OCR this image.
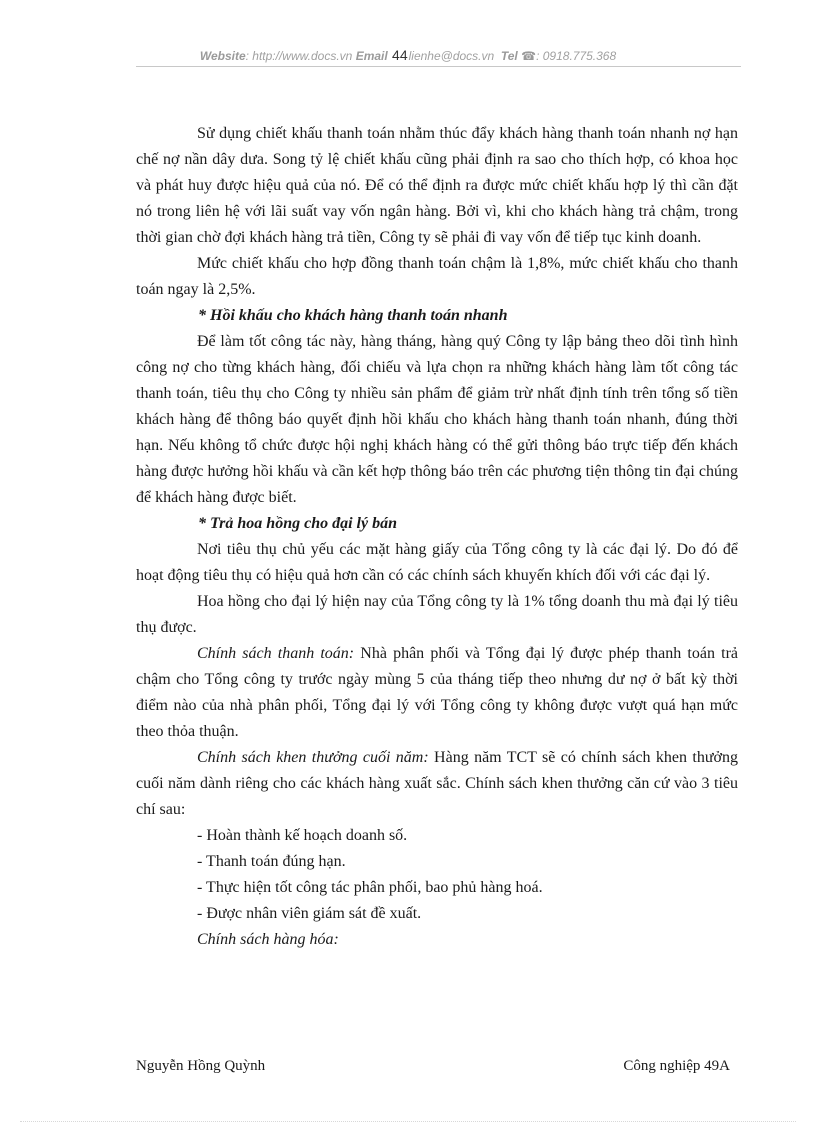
Website: http://www.docs.vn Email 44lienhe@docs.vn Tel ☎: 0918.775.368

Sử dụng chiết khấu thanh toán nhằm thúc đẩy khách hàng thanh toán nhanh nợ hạn chế nợ nần dây dưa. Song tỷ lệ chiết khấu cũng phải định ra sao cho thích hợp, có khoa học và phát huy được hiệu quả của nó. Để có thể định ra được mức chiết khấu hợp lý thì cần đặt nó trong liên hệ với lãi suất vay vốn ngân hàng. Bởi vì, khi cho khách hàng trả chậm, trong thời gian chờ đợi khách hàng trả tiền, Công ty sẽ phải đi vay vốn để tiếp tục kinh doanh.

Mức chiết khấu cho hợp đồng thanh toán chậm là 1,8%, mức chiết khấu cho thanh toán ngay là 2,5%.

* Hồi khấu cho khách hàng thanh toán nhanh

Để làm tốt công tác này, hàng tháng, hàng quý Công ty lập bảng theo dõi tình hình công nợ cho từng khách hàng, đối chiếu và lựa chọn ra những khách hàng làm tốt công tác thanh toán, tiêu thụ cho Công ty nhiều sản phẩm để giảm trừ nhất định tính trên tổng số tiền khách hàng để thông báo quyết định hồi khấu cho khách hàng thanh toán nhanh, đúng thời hạn. Nếu không tổ chức được hội nghị khách hàng có thể gửi thông báo trực tiếp đến khách hàng được hưởng hồi khấu và cần kết hợp thông báo trên các phương tiện thông tin đại chúng để khách hàng được biết.

* Trả hoa hồng cho đại lý bán

Nơi tiêu thụ chủ yếu các mặt hàng giấy của Tổng công ty là các đại lý. Do đó để hoạt động tiêu thụ có hiệu quả hơn cần có các chính sách khuyến khích đối với các đại lý.

Hoa hồng cho đại lý hiện nay của Tổng công ty là 1% tổng doanh thu mà đại lý tiêu thụ được.

Chính sách thanh toán: Nhà phân phối và Tổng đại lý được phép thanh toán trả chậm cho Tổng công ty trước ngày mùng 5 của tháng tiếp theo nhưng dư nợ ở bất kỳ thời điểm nào của nhà phân phối, Tổng đại lý với Tổng công ty không được vượt quá hạn mức theo thỏa thuận.

Chính sách khen thưởng cuối năm: Hàng năm TCT sẽ có chính sách khen thưởng cuối năm dành riêng cho các khách hàng xuất sắc. Chính sách khen thưởng căn cứ vào 3 tiêu chí sau:

- Hoàn thành kế hoạch doanh số.

- Thanh toán đúng hạn.

- Thực hiện tốt công tác phân phối, bao phủ hàng hoá.

- Được nhân viên giám sát đề xuất.

Chính sách hàng hóa:

Nguyễn Hồng Quỳnh	Công nghiệp 49A
